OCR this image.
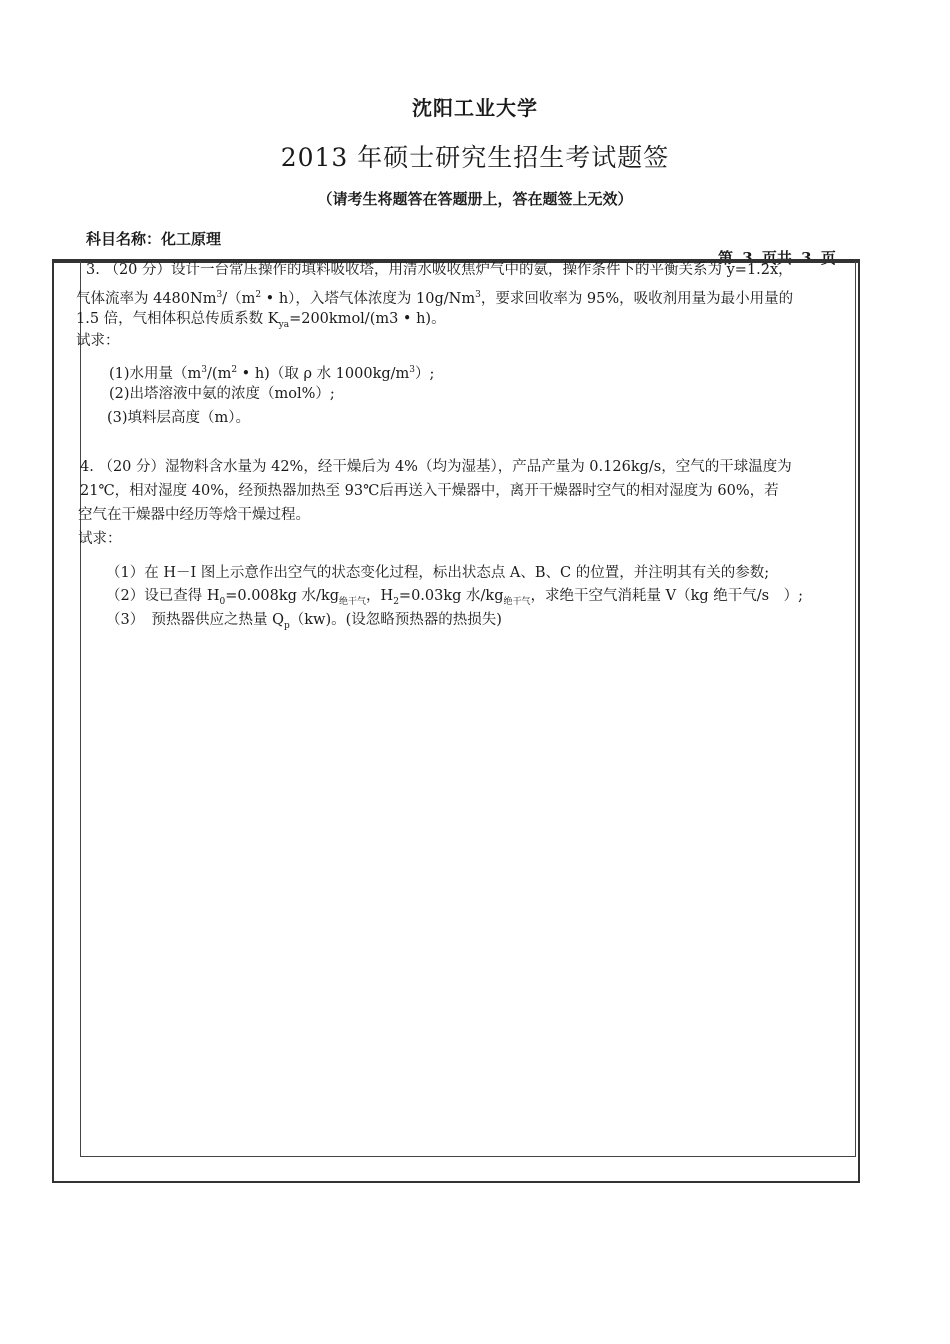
沈阳工业大学
2013 年硕士研究生招生考试题签
（请考生将题答在答题册上，答在题签上无效）
科目名称：化工原理
第 3 页共 3 页
3. （20 分）设计一台常压操作的填料吸收塔，用清水吸收焦炉气中的氨，操作条件下的平衡关系为 y=1.2x，
气体流率为 $4480Nm^3/(m^2$ • h），入塔气体浓度为 10g/Nm$^3$，要求回收率为 95%，吸收剂用量为最小用量的
1.5 倍，气相体积总传质系数 $K_{ya}=200kmol/(m3$ • h)。
试求：
(1)水用量（$m^3/(m^2$ • h)（取 ρ 水 $1000kg/m^3$）;
(2)出塔溶液中氨的浓度（mol%）;
(3)填料层高度（m）。
4. （20 分）湿物料含水量为 42%，经干燥后为 4%（均为湿基），产品产量为 0.126kg/s，空气的干球温度为
21℃，相对湿度 40%，经预热器加热至 93℃后再送入干燥器中，离开干燥器时空气的相对湿度为 60%，若
空气在干燥器中经历等焓干燥过程。
试求：
（1）在 H－I 图上示意作出空气的状态变化过程，标出状态点 A、B、C 的位置，并注明其有关的参数;
（2）设已查得 $H_0=0.008kg$ 水$/kg_{绝干气}$，$H_2=0.03kg$ 水$/kg_{绝干气}$，求绝干空气消耗量 V（kg 绝干气/s　）;
（3）　预热器供应之热量 $Q_p(kw)$。(设忽略预热器的热损失)
